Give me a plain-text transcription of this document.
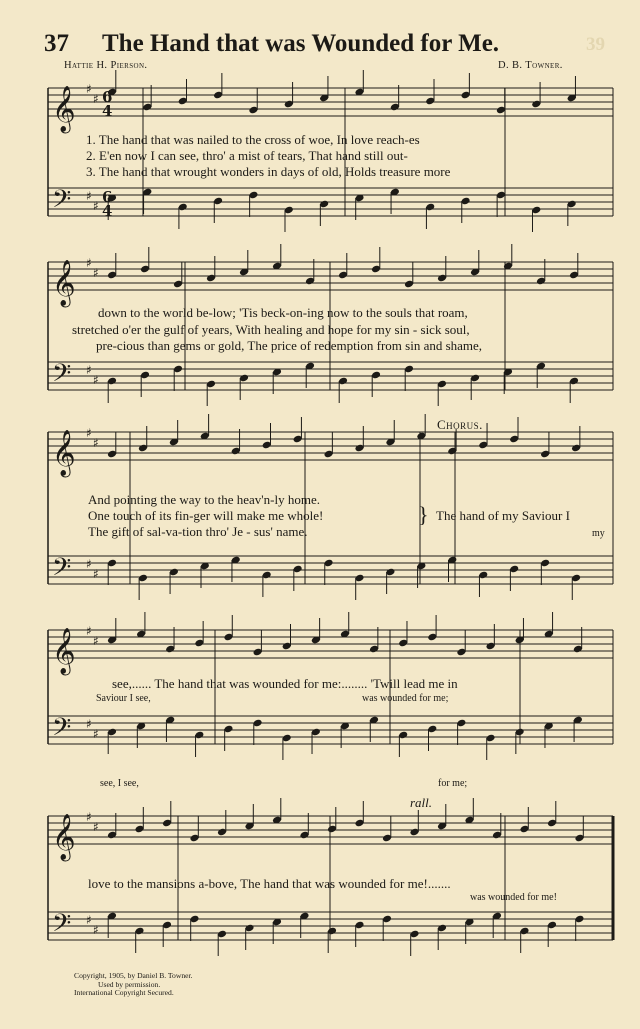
37 The Hand that was Wounded for Me.	39
Hattie H. Pierson.	D. B. Towner.
𝄞 ♯
♯
𝄢 ♯
♯
𝄞 ♯
♯
𝄢 ♯
♯
𝄞 ♯
♯
𝄢 ♯
♯
𝄞 ♯
♯
𝄢 ♯
♯
𝄞 ♯
♯
𝄢 ♯
♯
6
4
6
4
1. The hand that was nailed to the cross of woe, In love reach-es
2. E'en now I can see, thro' a mist of tears, That hand still out-
3. The hand that wrought wonders in days of old, Holds treasure more
down to the world be-low; 'Tis beck-on-ing now to the souls that roam,
stretched o'er the gulf of years, With healing and hope for my sin - sick soul,
pre-cious than gems or gold, The price of redemption from sin and shame,
Chorus.
And pointing the way to the heav'n-ly home.
One touch of its fin-ger will make me whole!
The gift of sal-va-tion thro' Je - sus' name.
} The hand of my Saviour I
my
see,...... The hand that was wounded for me:........ 'Twill lead me in
Saviour I see,	was wounded for me;
see, I see,	for me;
rall.
love to the mansions a-bove, The hand that was wounded for me!.......
was wounded for me!
Copyright, 1905, by Daniel B. Towner.
Used by permission.
International Copyright Secured.
